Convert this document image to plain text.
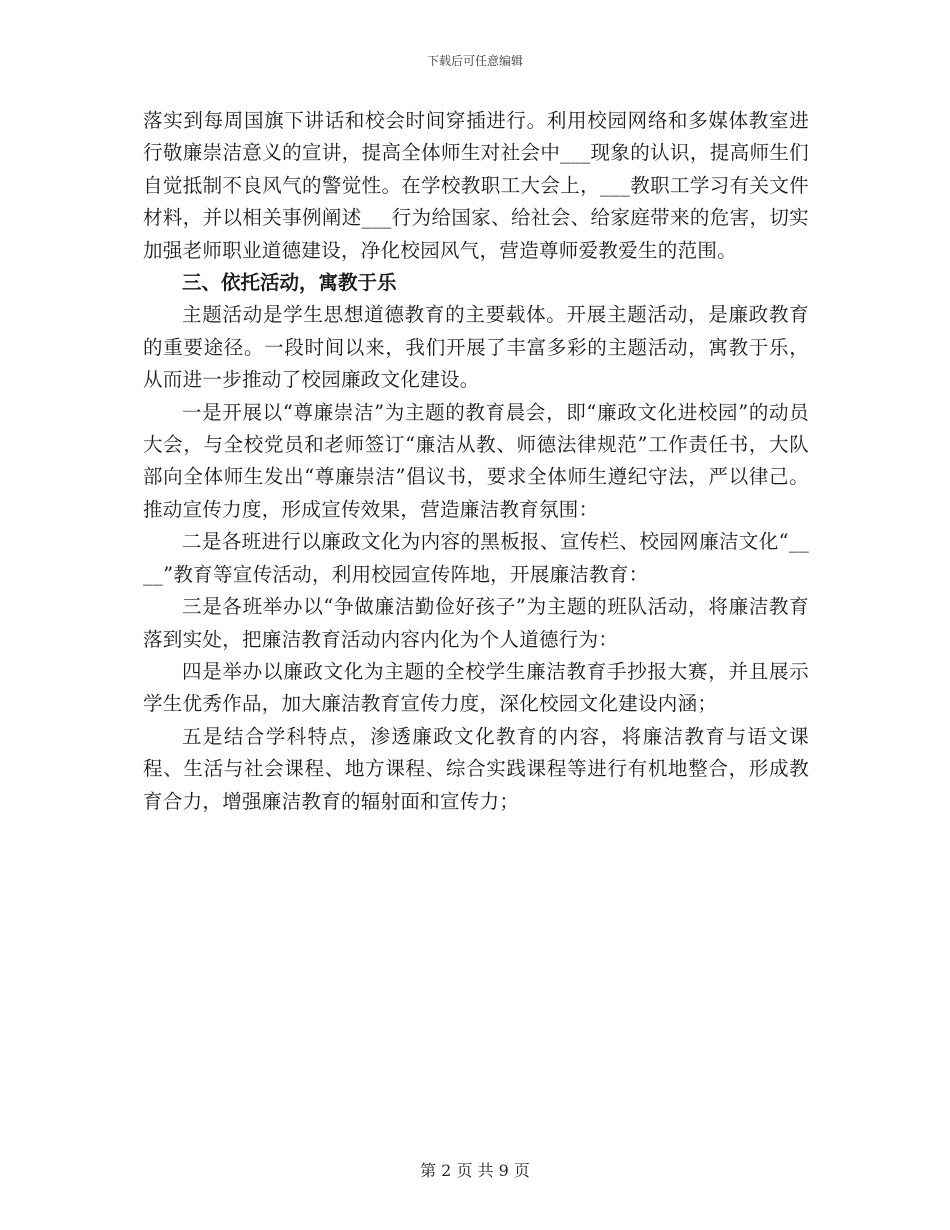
下载后可任意编辑

落实到每周国旗下讲话和校会时间穿插进行。利用校园网络和多媒体教室进行敬廉崇洁意义的宣讲，提高全体师生对社会中___现象的认识，提高师生们自觉抵制不良风气的警觉性。在学校教职工大会上，___教职工学习有关文件材料，并以相关事例阐述___行为给国家、给社会、给家庭带来的危害，切实加强老师职业道德建设，净化校园风气，营造尊师爱教爱生的范围。

三、依托活动，寓教于乐

主题活动是学生思想道德教育的主要载体。开展主题活动，是廉政教育的重要途径。一段时间以来，我们开展了丰富多彩的主题活动，寓教于乐，从而进一步推动了校园廉政文化建设。

一是开展以“尊廉崇洁”为主题的教育晨会，即“廉政文化进校园”的动员大会，与全校党员和老师签订“廉洁从教、师德法律规范”工作责任书，大队部向全体师生发出“尊廉崇洁”倡议书，要求全体师生遵纪守法，严以律己。推动宣传力度，形成宣传效果，营造廉洁教育氛围：

二是各班进行以廉政文化为内容的黑板报、宣传栏、校园网廉洁文化“____”教育等宣传活动，利用校园宣传阵地，开展廉洁教育：

三是各班举办以“争做廉洁勤俭好孩子”为主题的班队活动，将廉洁教育落到实处，把廉洁教育活动内容内化为个人道德行为：

四是举办以廉政文化为主题的全校学生廉洁教育手抄报大赛，并且展示学生优秀作品，加大廉洁教育宣传力度，深化校园文化建设内涵；

五是结合学科特点，渗透廉政文化教育的内容，将廉洁教育与语文课程、生活与社会课程、地方课程、综合实践课程等进行有机地整合，形成教育合力，增强廉洁教育的辐射面和宣传力；

第 2 页 共 9 页
